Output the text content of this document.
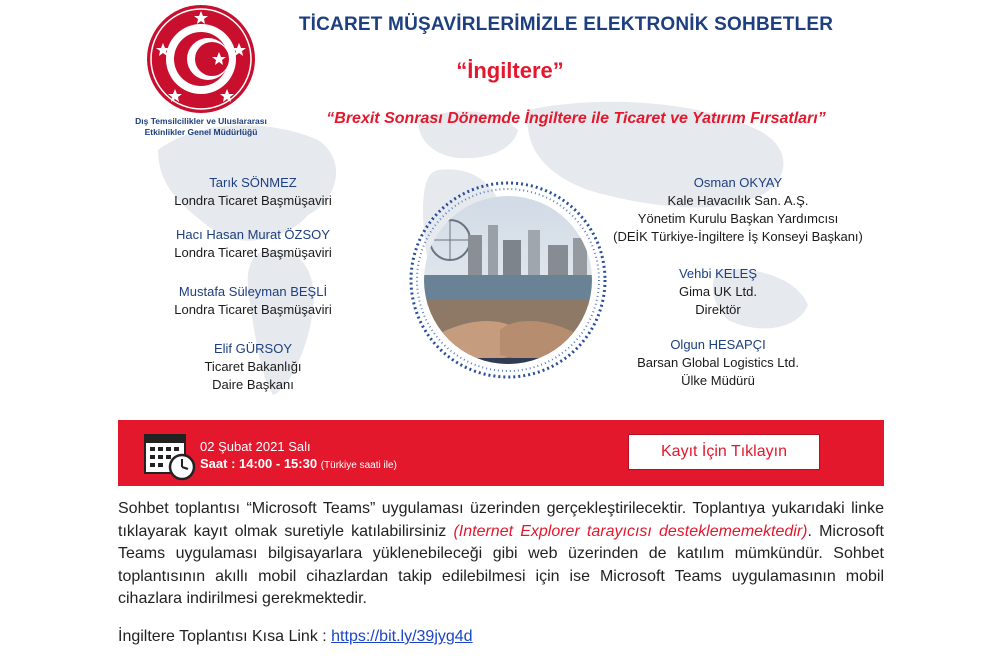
Dış Temsilcilikler ve Uluslararası Etkinlikler Genel Müdürlüğü
TİCARET MÜŞAVİRLERİMİZLE ELEKTRONİK SOHBETLER
“İngiltere”
“Brexit Sonrası Dönemde İngiltere ile Ticaret ve Yatırım Fırsatları”
Tarık SÖNMEZ
Londra Ticaret Başmüşaviri
Hacı Hasan Murat ÖZSOY
Londra Ticaret Başmüşaviri
Mustafa Süleyman BEŞLİ
Londra Ticaret Başmüşaviri
Elif GÜRSOY
Ticaret Bakanlığı
Daire Başkanı
Osman OKYAY
Kale Havacılık San. A.Ş.
Yönetim Kurulu Başkan Yardımcısı
(DEİK Türkiye-İngiltere İş Konseyi Başkanı)
Vehbi KELEŞ
Gima UK Ltd.
Direktör
Olgun HESAPÇI
Barsan Global Logistics Ltd.
Ülke Müdürü
02 Şubat 2021 Salı
Saat : 14:00 - 15:30 (Türkiye saati ile)
Kayıt İçin Tıklayın
Sohbet toplantısı “Microsoft Teams” uygulaması üzerinden gerçekleştirilecektir. Toplantıya yukarıdaki linke tıklayarak kayıt olmak suretiyle katılabilirsiniz (Internet Explorer tarayıcısı desteklememektedir). Microsoft Teams uygulaması bilgisayarlara yüklenebileceği gibi web üzerinden de katılım mümkündür. Sohbet toplantısının akıllı mobil cihazlardan takip edilebilmesi için ise Microsoft Teams uygulamasının mobil cihazlara indirilmesi gerekmektedir.
İngiltere Toplantısı Kısa Link : https://bit.ly/39jyg4d
